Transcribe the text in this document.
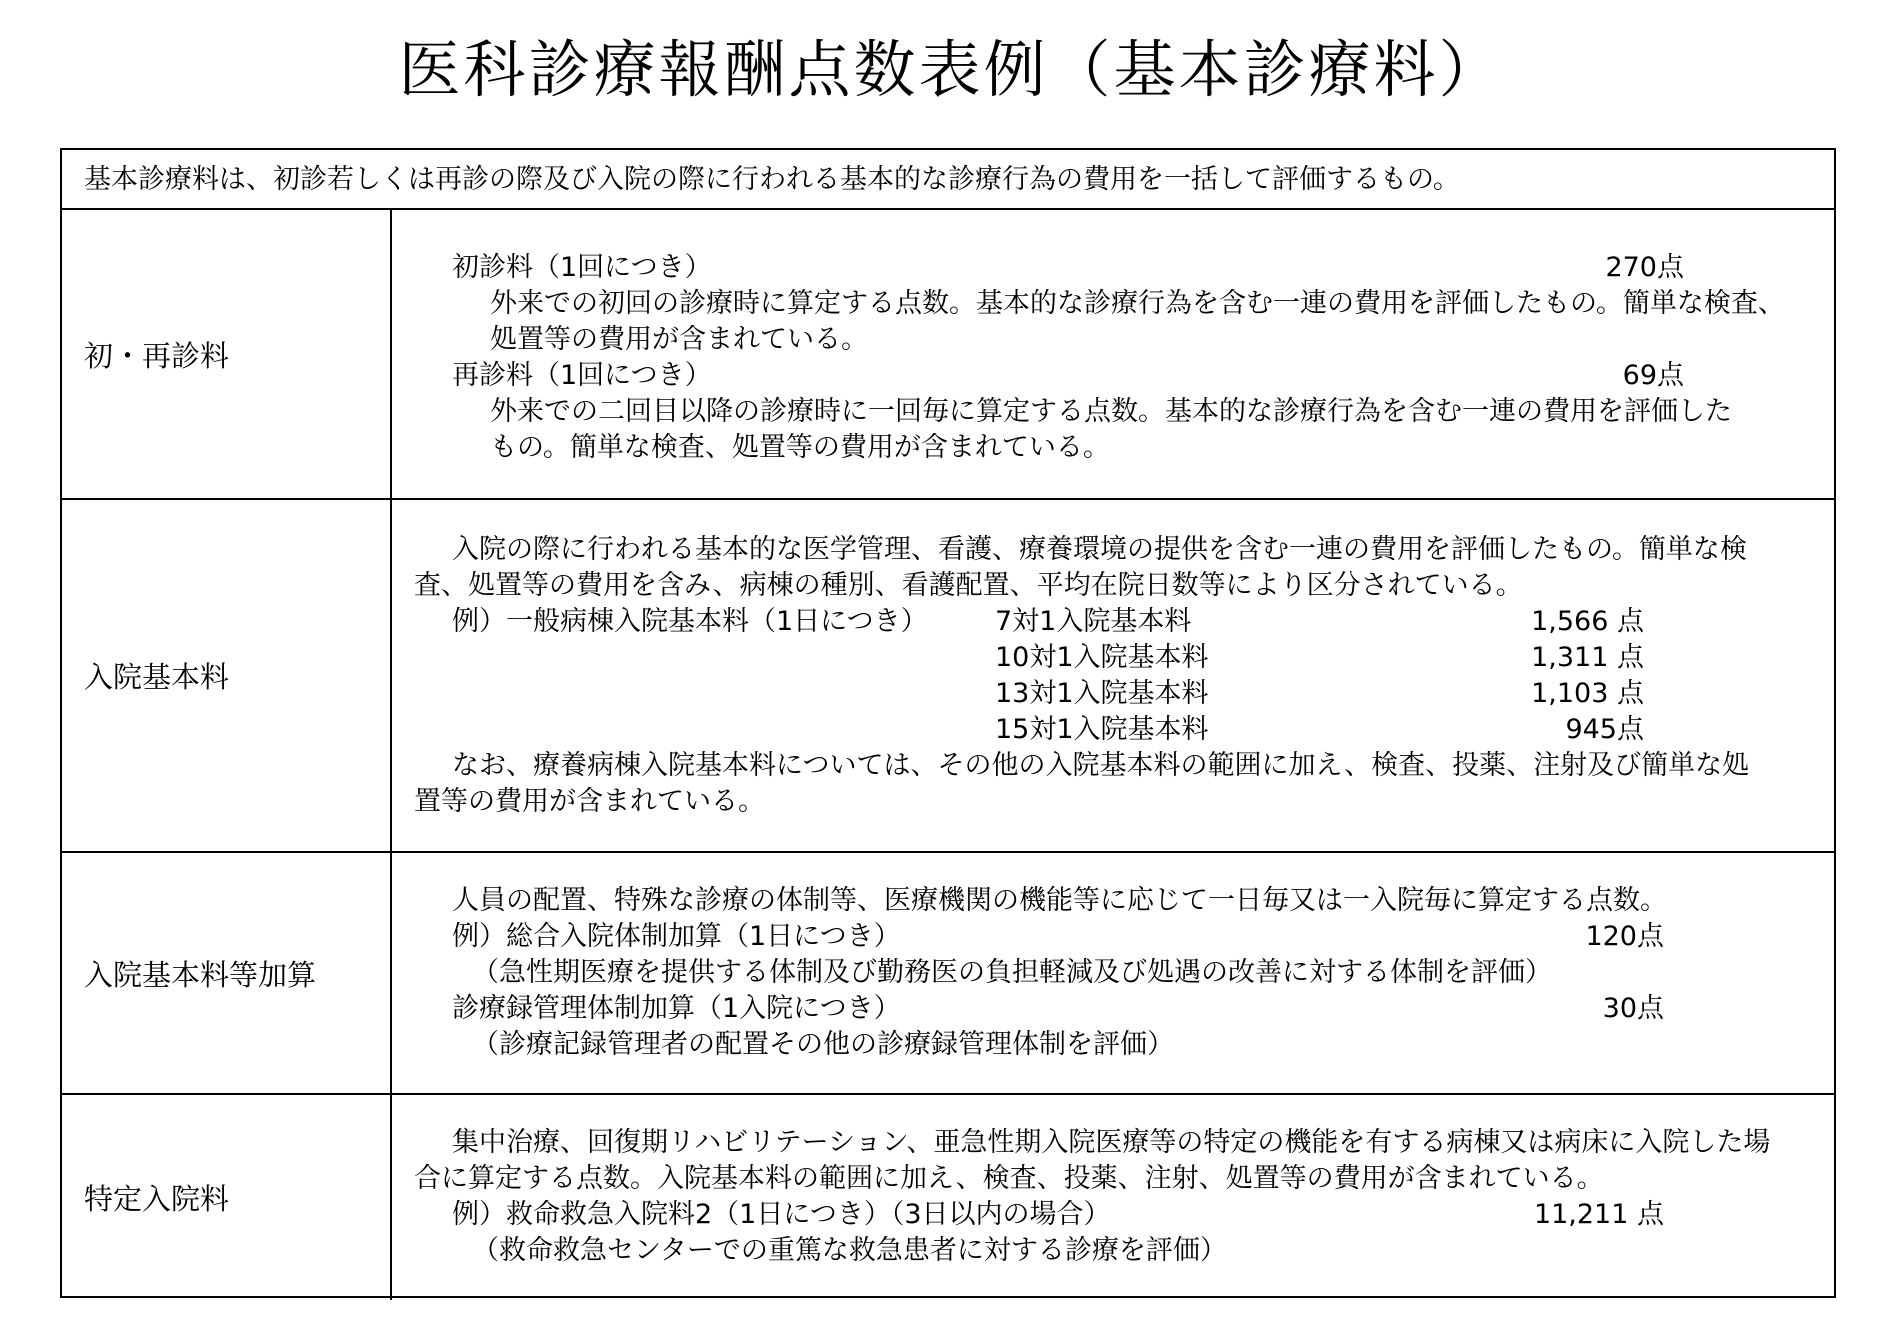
医科診療報酬点数表例（基本診療料）
基本診療料は、初診若しくは再診の際及び入院の際に行われる基本的な診療行為の費用を一括して評価するもの。
初・再診料
初診料（1回につき）	270点
外来での初回の診療時に算定する点数。基本的な診療行為を含む一連の費用を評価したもの。簡単な検査、
処置等の費用が含まれている。
再診料（1回につき）	69点
外来での二回目以降の診療時に一回毎に算定する点数。基本的な診療行為を含む一連の費用を評価した
もの。簡単な検査、処置等の費用が含まれている。
入院基本料
入院の際に行われる基本的な医学管理、看護、療養環境の提供を含む一連の費用を評価したもの。簡単な検
査、処置等の費用を含み、病棟の種別、看護配置、平均在院日数等により区分されている。
例）一般病棟入院基本料（1日につき） 7対1入院基本料	1,566 点
10対1入院基本料	1,311 点
13対1入院基本料	1,103 点
15対1入院基本料	945点
なお、療養病棟入院基本料については、その他の入院基本料の範囲に加え、検査、投薬、注射及び簡単な処
置等の費用が含まれている。
入院基本料等加算
人員の配置、特殊な診療の体制等、医療機関の機能等に応じて一日毎又は一入院毎に算定する点数。
例）総合入院体制加算（1日につき）	120点
（急性期医療を提供する体制及び勤務医の負担軽減及び処遇の改善に対する体制を評価）
診療録管理体制加算（1入院につき）	30点
（診療記録管理者の配置その他の診療録管理体制を評価）
特定入院料
集中治療、回復期リハビリテーション、亜急性期入院医療等の特定の機能を有する病棟又は病床に入院した場
合に算定する点数。入院基本料の範囲に加え、検査、投薬、注射、処置等の費用が含まれている。
例）救命救急入院料2（1日につき）（3日以内の場合）	11,211 点
（救命救急センターでの重篤な救急患者に対する診療を評価）
